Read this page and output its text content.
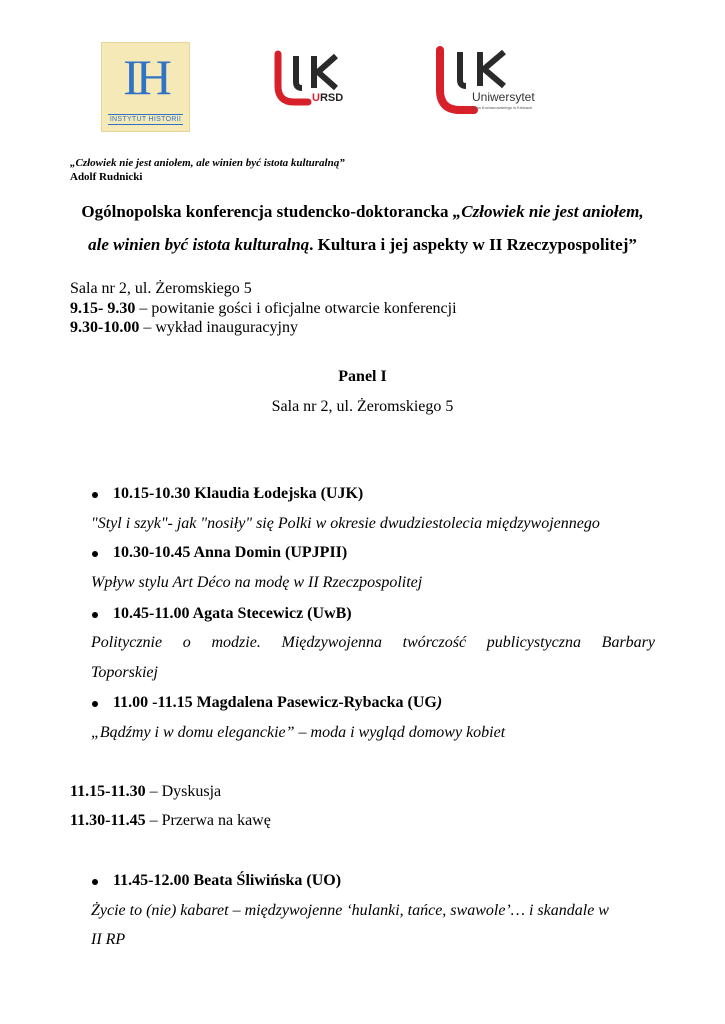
IH
INSTYTUT HISTORII
URSD	Uniwersytet
Jana Kochanowskiego w Kielcach
„Człowiek nie jest aniołem, ale winien być istota kulturalną”
Adolf Rudnicki
Ogólnopolska konferencja studencko-doktorancka „Człowiek nie jest aniołem,
ale winien być istota kulturalną. Kultura i jej aspekty w II Rzeczypospolitej”
Sala nr 2, ul. Żeromskiego 5
9.15- 9.30 – powitanie gości i oficjalne otwarcie konferencji
9.30-10.00 – wykład inauguracyjny
Panel I
Sala nr 2, ul. Żeromskiego 5
10.15-10.30 Klaudia Łodejska (UJK)
"Styl i szyk"- jak "nosiły" się Polki w okresie dwudziestolecia międzywojennego
10.30-10.45 Anna Domin (UPJPII)
Wpływ stylu Art Déco na modę w II Rzeczpospolitej
10.45-11.00 Agata Stecewicz (UwB)
Politycznie o modzie. Międzywojenna twórczość publicystyczna Barbary
Toporskiej
11.00 -11.15 Magdalena Pasewicz-Rybacka (UG)
„Bądźmy i w domu eleganckie” – moda i wygląd domowy kobiet
11.15-11.30 – Dyskusja
11.30-11.45 – Przerwa na kawę
11.45-12.00 Beata Śliwińska (UO)
Życie to (nie) kabaret – międzywojenne ‘hulanki, tańce, swawole’… i skandale w
II RP
